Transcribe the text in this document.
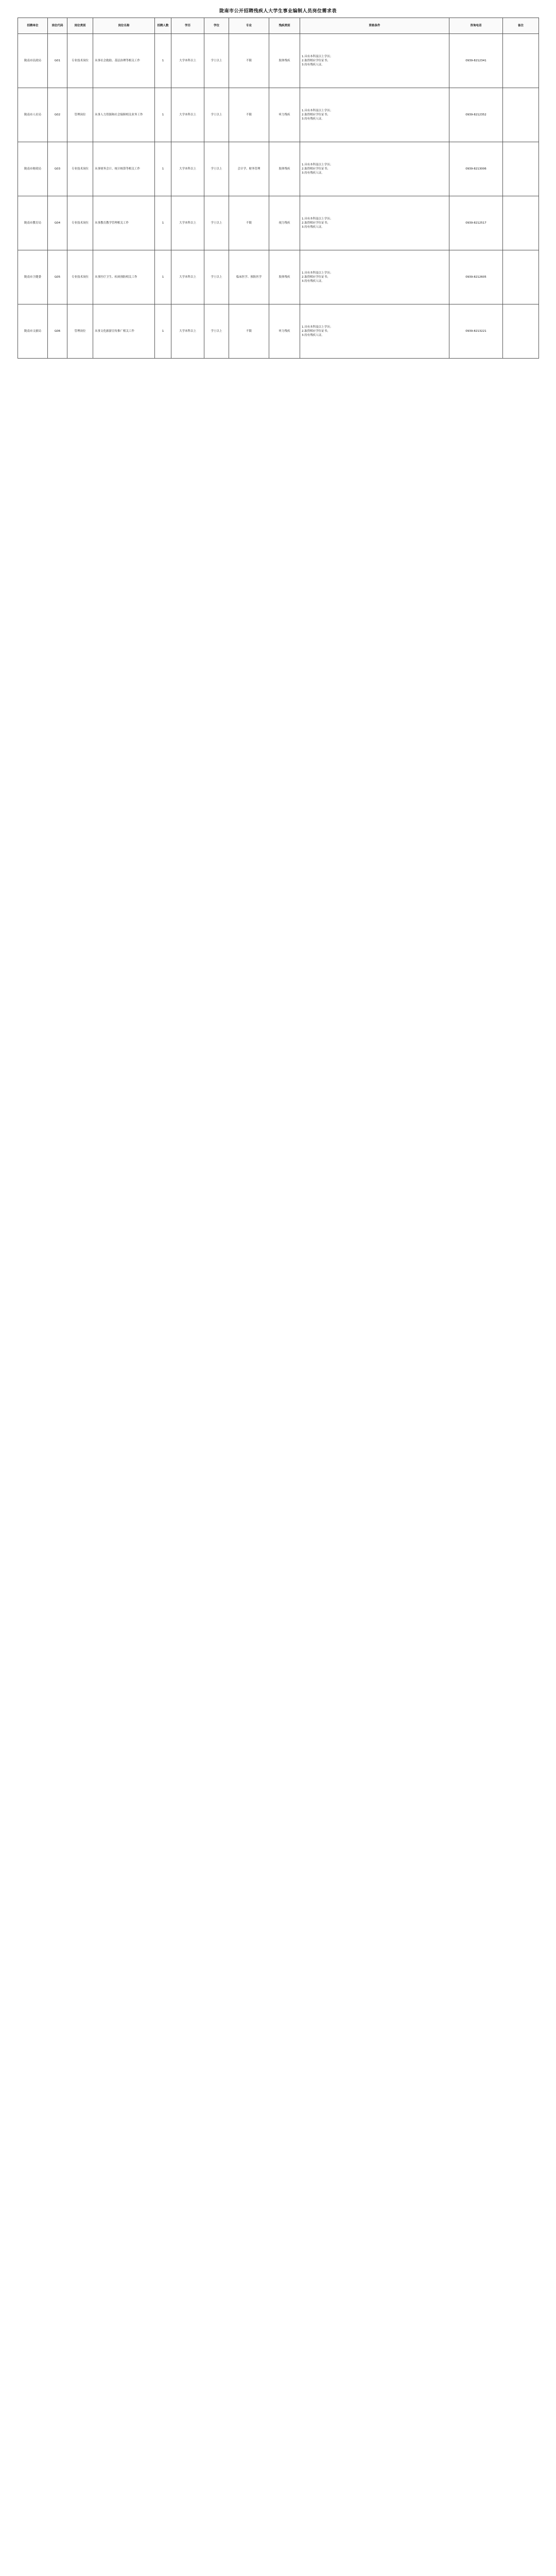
陇南市公开招聘残疾人大学生事业编制人员岗位需求表
招聘单位	岗位代码	岗位类别	岗位名称	招聘人数	学历	学位	专业	残疾类别	资格条件	咨询电话	备注
陇南市民政局	G01	专业技术岗位	从事社会救助、基层治理等相关工作	1	大学本科以上	学士以上	不限	肢体残疾	1.具有本科及以上学历；
2.取得相应学位证书；
3.持有残疾人证。	0939-8212341	
陇南市人社局	G02	管理岗位	从事人力资源和社会保障相关业务工作	1	大学本科以上	学士以上	不限	听力残疾	1.具有本科及以上学历；
2.取得相应学位证书；
3.持有残疾人证。	0939-8212352	
陇南市财政局	G03	专业技术岗位	从事财务会计、统计核算等相关工作	1	大学本科以上	学士以上	会计学、财务管理	肢体残疾	1.具有本科及以上学历；
2.取得相应学位证书；
3.持有残疾人证。	0939-8213006	
陇南市教育局	G04	专业技术岗位	从事教育教学管理相关工作	1	大学本科以上	学士以上	不限	视力残疾	1.具有本科及以上学历；
2.取得相应学位证书；
3.持有残疾人证。	0939-8212517	
陇南市卫健委	G05	专业技术岗位	从事医疗卫生、疾病预防相关工作	1	大学本科以上	学士以上	临床医学、预防医学	肢体残疾	1.具有本科及以上学历；
2.取得相应学位证书；
3.持有残疾人证。	0939-8212605	
陇南市文旅局	G06	管理岗位	从事文化旅游宣传推广相关工作	1	大学本科以上	学士以上	不限	听力残疾	1.具有本科及以上学历；
2.取得相应学位证书；
3.持有残疾人证。	0939-8213221	
